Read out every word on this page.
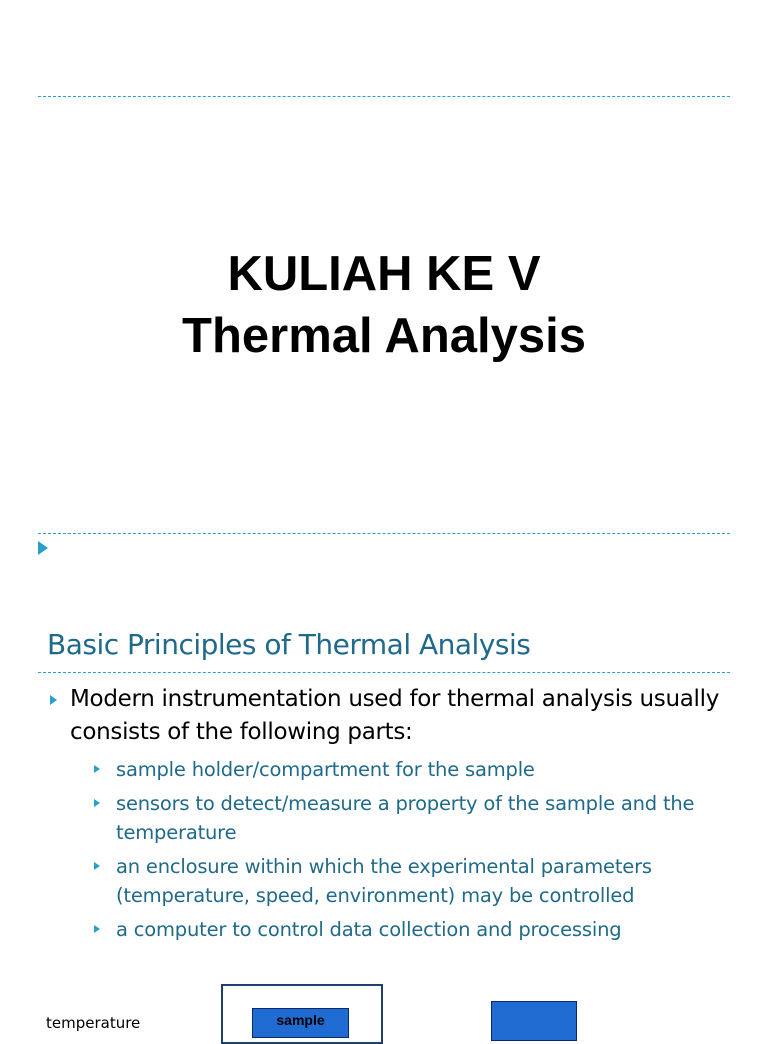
KULIAH KE V
Thermal Analysis
Basic Principles of Thermal Analysis
Modern instrumentation used for thermal analysis usually consists of the following parts:
sample holder/compartment for the sample
sensors to detect/measure a property of the sample and the temperature
an enclosure within which the experimental parameters (temperature, speed, environment) may be controlled
a computer to control data collection and processing
temperature	sample
